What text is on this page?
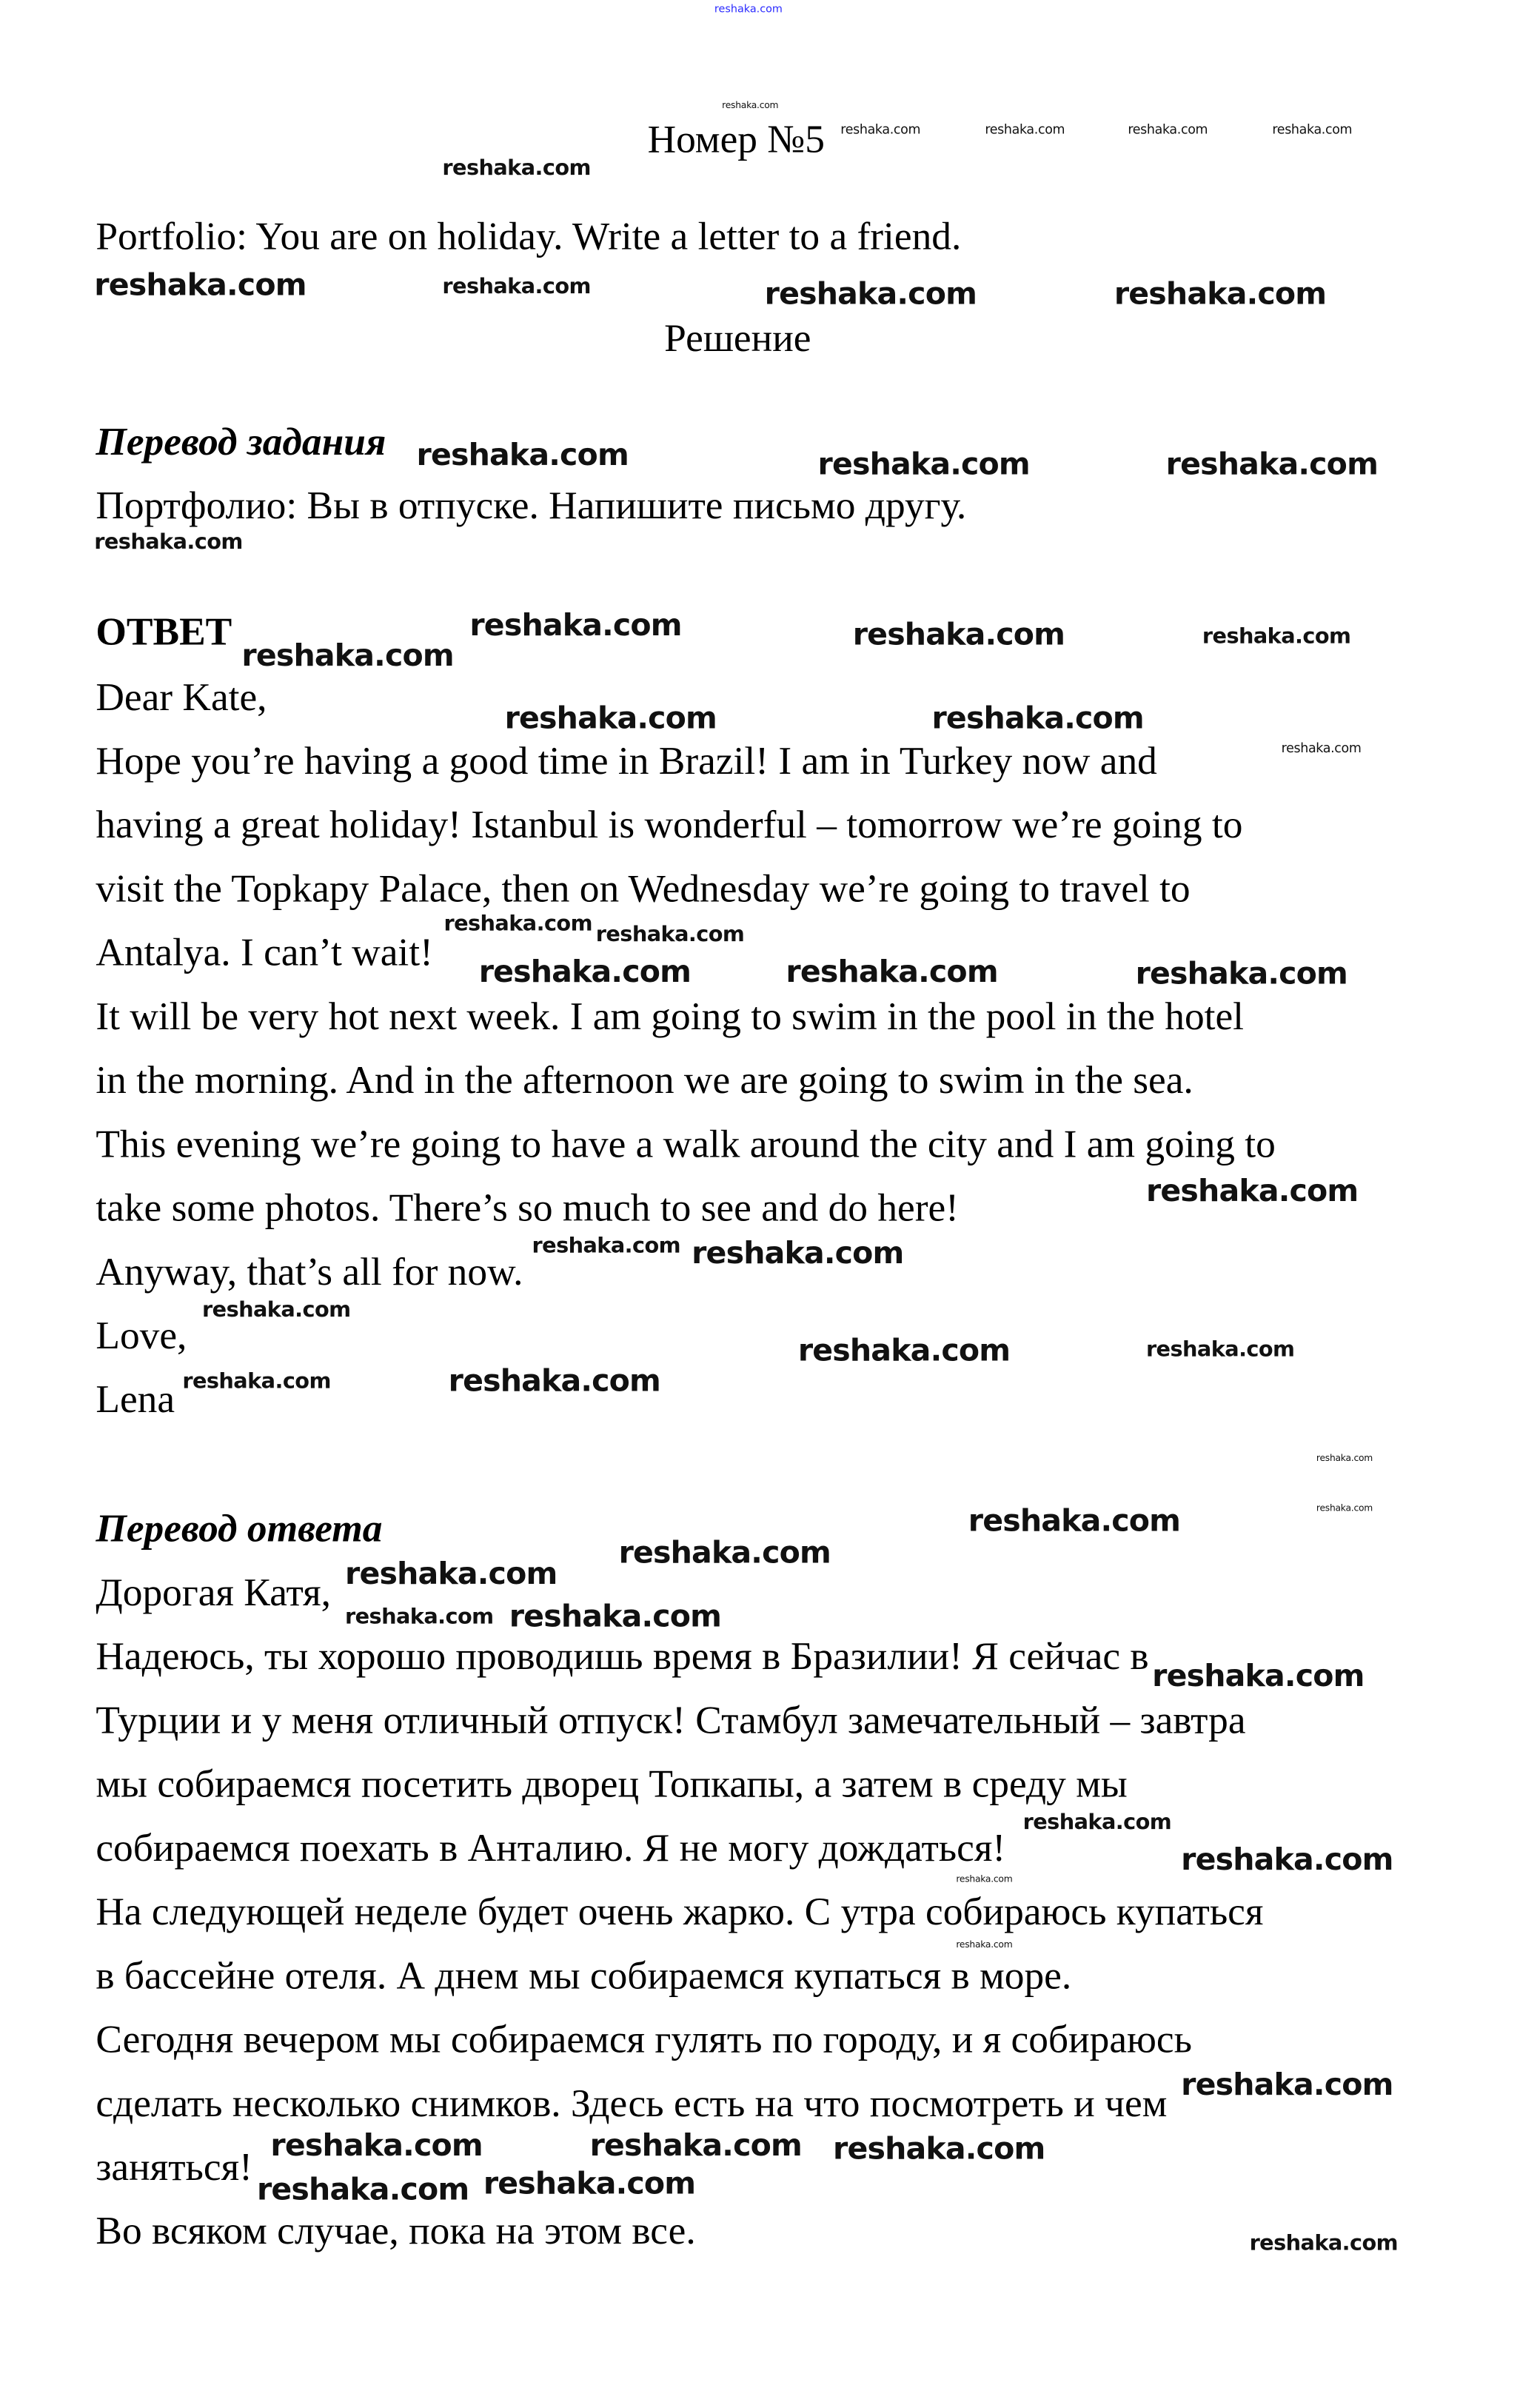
reshaka.com
Номер №5
Portfolio: You are on holiday. Write a letter to a friend.
Решение
Перевод задания
Портфолио: Вы в отпуске. Напишите письмо другу.
ОТВЕТ
Dear Kate,
Hope you’re having a good time in Brazil! I am in Turkey now and
having a great holiday! Istanbul is wonderful – tomorrow we’re going to
visit the Topkapy Palace, then on Wednesday we’re going to travel to
Antalya. I can’t wait!
It will be very hot next week. I am going to swim in the pool in the hotel
in the morning. And in the afternoon we are going to swim in the sea.
This evening we’re going to have a walk around the city and I am going to
take some photos. There’s so much to see and do here!
Anyway, that’s all for now.
Love,
Lena
Перевод ответа
Дорогая Катя,
Надеюсь, ты хорошо проводишь время в Бразилии! Я сейчас в
Турции и у меня отличный отпуск! Стамбул замечательный – завтра
мы собираемся посетить дворец Топкапы, а затем в среду мы
собираемся поехать в Анталию. Я не могу дождаться!
На следующей неделе будет очень жарко. С утра собираюсь купаться
в бассейне отеля. А днем мы собираемся купаться в море.
Сегодня вечером мы собираемся гулять по городу, и я собираюсь
сделать несколько снимков. Здесь есть на что посмотреть и чем
заняться!
Во всяком случае, пока на этом все.
reshaka.com
reshaka.com	reshaka.com	reshaka.com	reshaka.com
reshaka.com
reshaka.com	reshaka.com	reshaka.com	reshaka.com
reshaka.com	reshaka.com	reshaka.com
reshaka.com
reshaka.com	reshaka.com	reshaka.com
reshaka.com
reshaka.com
reshaka.com	reshaka.com
reshaka.com
reshaka.com	reshaka.com	reshaka.com
reshaka.com
reshaka.com reshaka.com
reshaka.com
reshaka.com
reshaka.com	reshaka.com
reshaka.com	reshaka.com
reshaka.com
reshaka.com
reshaka.com
reshaka.com
reshaka.com
reshaka.com
reshaka.com reshaka.com
reshaka.com
reshaka.com
reshaka.com
reshaka.com
reshaka.com
reshaka.com
reshaka.com
reshaka.com
reshaka.com
reshaka.com
reshaka.com
